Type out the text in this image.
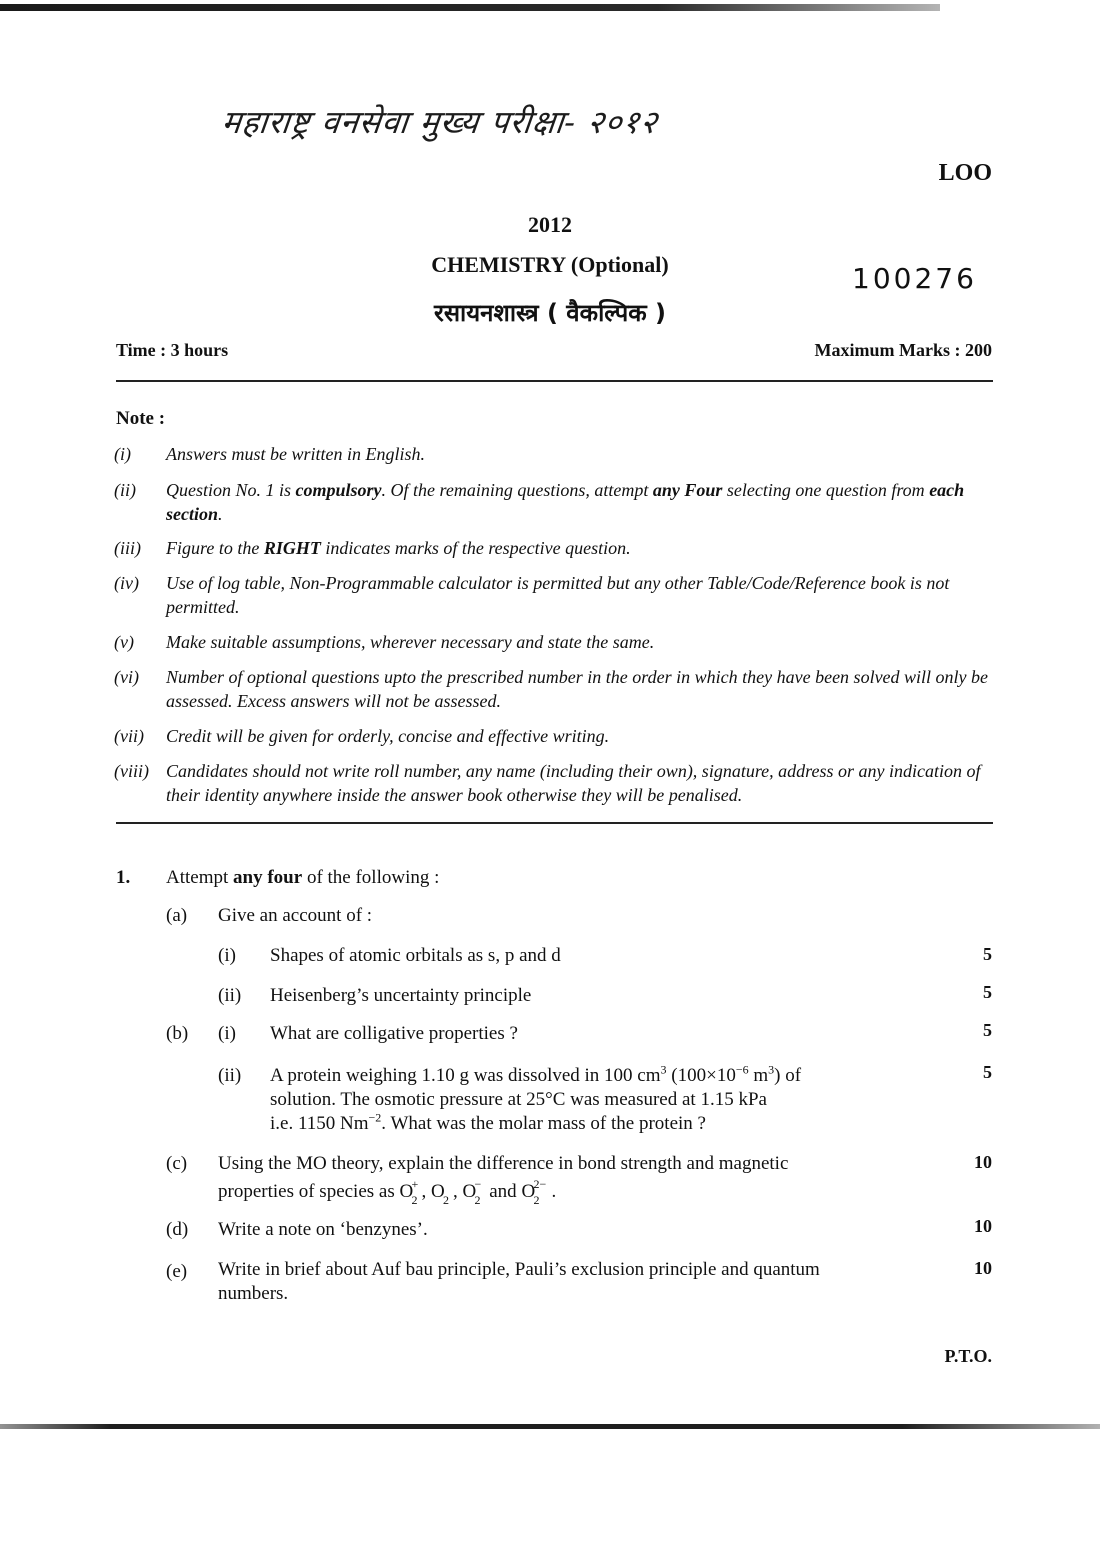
महाराष्ट्र वनसेवा मुख्य परीक्षा- २०१२
LOO
2012
CHEMISTRY (Optional)
रसायनशास्त्र ( वैकल्पिक )
100276
Time : 3 hours	Maximum Marks : 200
Note :
(i) Answers must be written in English.
(ii) Question No. 1 is compulsory. Of the remaining questions, attempt any Four selecting one question from each section.
(iii) Figure to the RIGHT indicates marks of the respective question.
(iv) Use of log table, Non-Programmable calculator is permitted but any other Table/Code/Reference book is not permitted.
(v) Make suitable assumptions, wherever necessary and state the same.
(vi) Number of optional questions upto the prescribed number in the order in which they have been solved will only be assessed. Excess answers will not be assessed.
(vii) Credit will be given for orderly, concise and effective writing.
(viii) Candidates should not write roll number, any name (including their own), signature, address or any indication of their identity anywhere inside the answer book otherwise they will be penalised.
1. Attempt any four of the following :
(a) Give an account of :
(i) Shapes of atomic orbitals as s, p and d	5
(ii) Heisenberg’s uncertainty principle	5
(b) (i) What are colligative properties ?	5
(ii) A protein weighing 1.10 g was dissolved in 100 $cm^3$ ($100\times 10^{-6}$ $m^3$) of
solution. The osmotic pressure at 25°C was measured at 1.15 kPa
i.e. 1150 $Nm^{-2}$. What was the molar mass of the protein ?
5
(c) Using the MO theory, explain the difference in bond strength and magnetic
properties of species as O
+
2 , O
2 , O
−
2 and O
2−
2 .
10
(d) Write a note on ‘benzynes’.	10
(e) Write in brief about Auf bau principle, Pauli’s exclusion principle and quantum
numbers.
10
P.T.O.
